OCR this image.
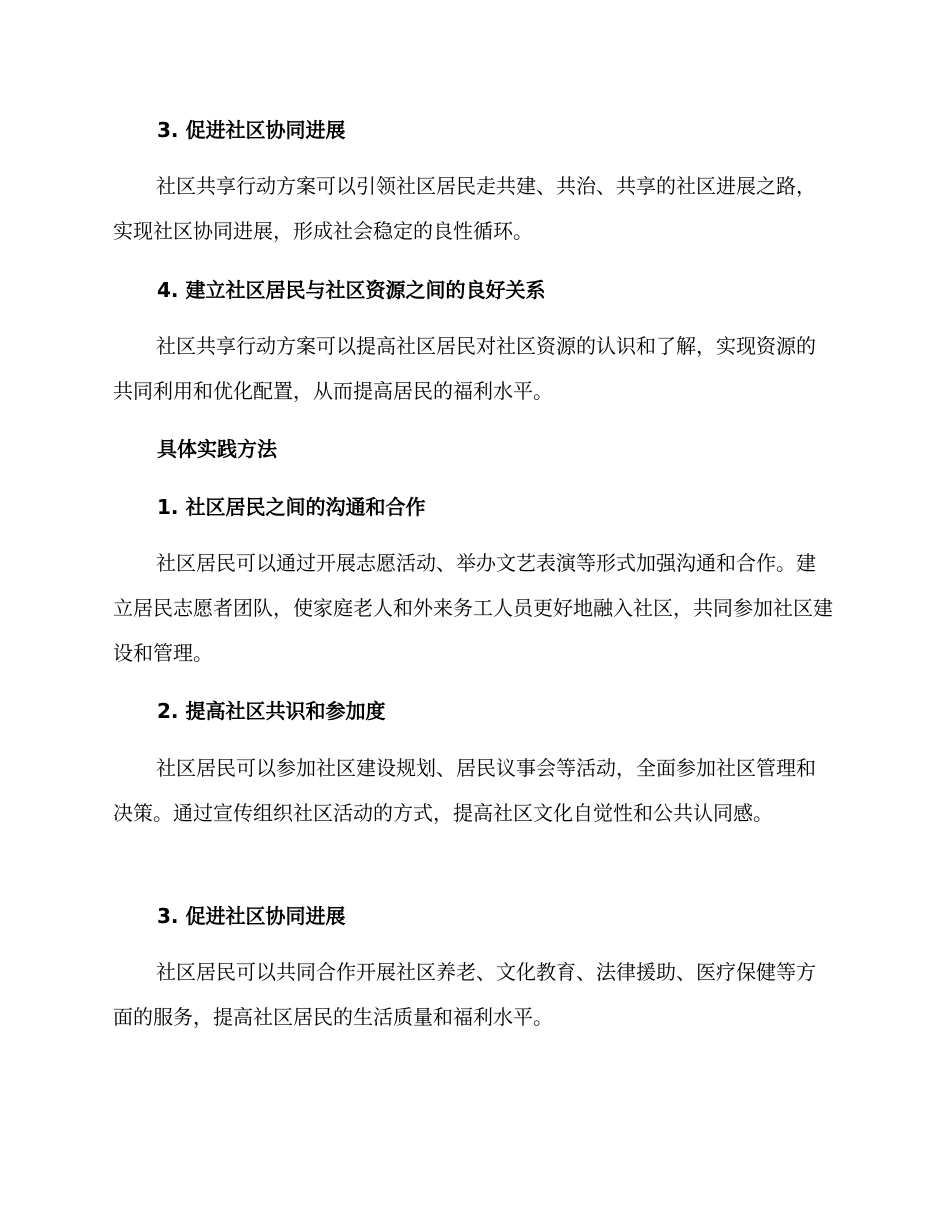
3. 促进社区协同进展

社区共享行动方案可以引领社区居民走共建、共治、共享的社区进展之路，实现社区协同进展，形成社会稳定的良性循环。

4. 建立社区居民与社区资源之间的良好关系

社区共享行动方案可以提高社区居民对社区资源的认识和了解，实现资源的共同利用和优化配置，从而提高居民的福利水平。

具体实践方法
1. 社区居民之间的沟通和合作

社区居民可以通过开展志愿活动、举办文艺表演等形式加强沟通和合作。建立居民志愿者团队，使家庭老人和外来务工人员更好地融入社区，共同参加社区建设和管理。

2. 提高社区共识和参加度

社区居民可以参加社区建设规划、居民议事会等活动，全面参加社区管理和决策。通过宣传组织社区活动的方式，提高社区文化自觉性和公共认同感。

3. 促进社区协同进展

社区居民可以共同合作开展社区养老、文化教育、法律援助、医疗保健等方面的服务，提高社区居民的生活质量和福利水平。
